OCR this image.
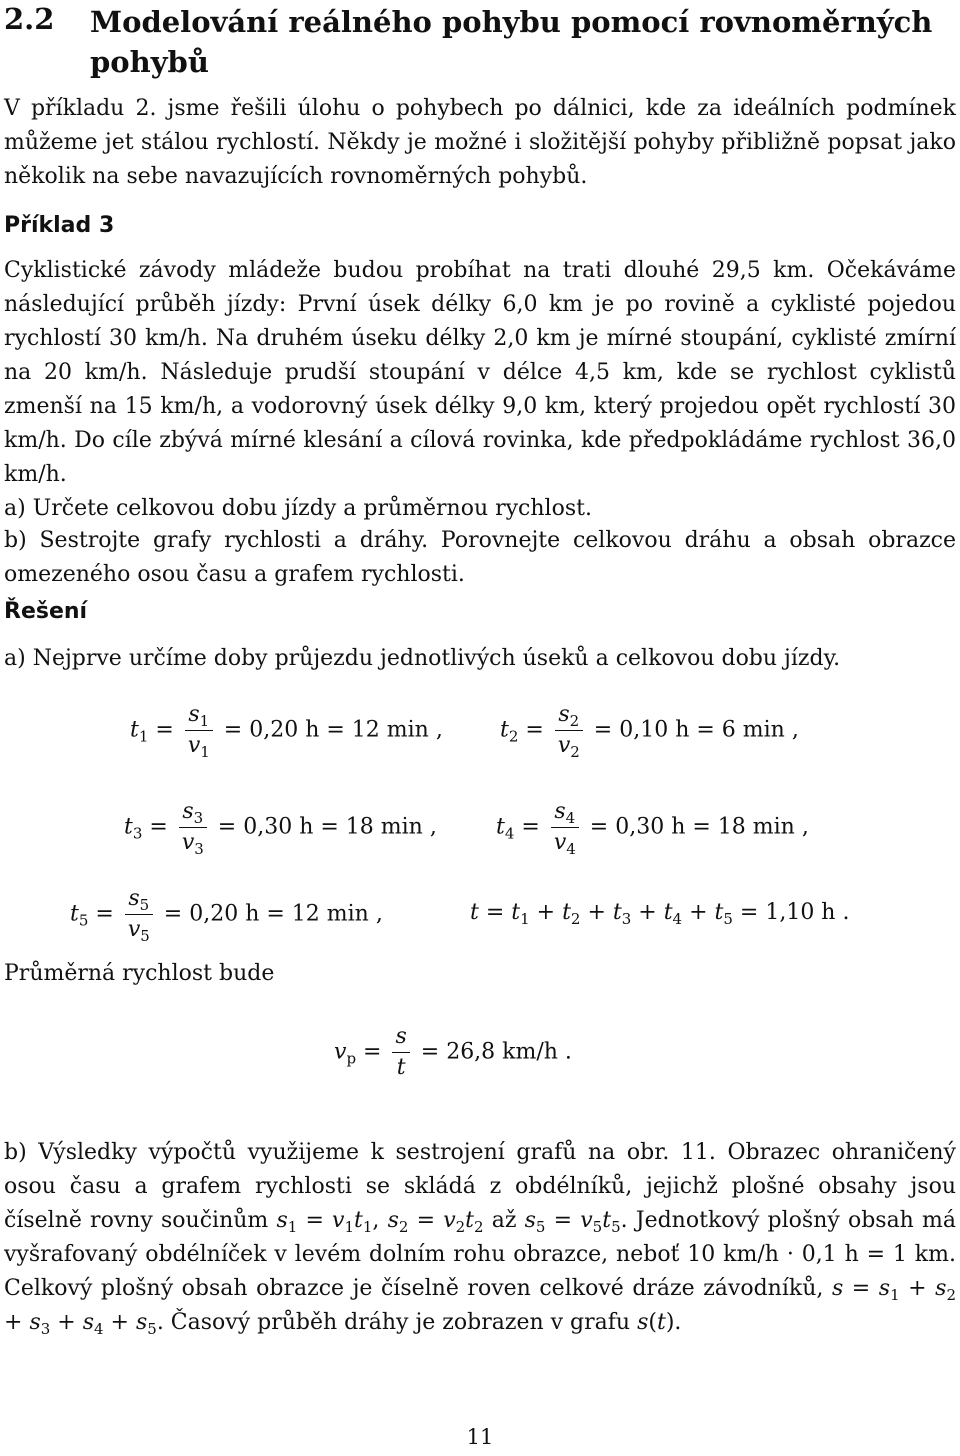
2.2 Modelování reálného pohybu pomocí rovnoměrných pohybů

V příkladu 2. jsme řešili úlohu o pohybech po dálnici, kde za ideálních podmínek můžeme jet stálou rychlostí. Někdy je možné i složitější pohyby přibližně popsat jako několik na sebe navazujících rovnoměrných pohybů.

Příklad 3

Cyklistické závody mládeže budou probíhat na trati dlouhé 29,5 km. Očekáváme následující průběh jízdy: První úsek délky 6,0 km je po rovině a cyklisté pojedou rychlostí 30 km/h. Na druhém úseku délky 2,0 km je mírné stoupání, cyklisté zmírní na 20 km/h. Následuje prudší stoupání v délce 4,5 km, kde se rychlost cyklistů zmenší na 15 km/h, a vodorovný úsek délky 9,0 km, který projedou opět rychlostí 30 km/h. Do cíle zbývá mírné klesání a cílová rovinka, kde předpokládáme rychlost 36,0 km/h.

a) Určete celkovou dobu jízdy a průměrnou rychlost.

b) Sestrojte grafy rychlosti a dráhy. Porovnejte celkovou dráhu a obsah obrazce omezeného osou času a grafem rychlosti.

Řešení

a) Nejprve určíme doby průjezdu jednotlivých úseků a celkovou dobu jízdy.

$t_1 = \frac{s_1}{v_1} = 0,20$ h = 12 min ,	$t_2 = \frac{s_2}{v_2} = 0,10$ h = 6 min ,
$t_3 = \frac{s_3}{v_3} = 0,30$ h = 18 min ,	$t_4 = \frac{s_4}{v_4} = 0,30$ h = 18 min ,
$t_5 = \frac{s_5}{v_5} = 0,20$ h = 12 min ,	$t = t_1 + t_2 + t_3 + t_4 + t_5 = 1,10$ h .
Průměrná rychlost bude
$v_p = \frac{s}{t} = 26,8$ km/h .

b) Výsledky výpočtů využijeme k sestrojení grafů na obr. 11. Obrazec ohraničený osou času a grafem rychlosti se skládá z obdélníků, jejichž plošné obsahy jsou číselně rovny součinům $s_1 = v_1t_1$, $s_2 = v_2t_2$ až $s_5 = v_5t_5$. Jednotkový plošný obsah má vyšrafovaný obdélníček v levém dolním rohu obrazce, neboť 10 km/h · 0,1 h = 1 km. Celkový plošný obsah obrazce je číselně roven celkové dráze závodníků, $s = s_1 + s_2 + s_3 + s_4 + s_5$. Časový průběh dráhy je zobrazen v grafu s(t).

11
